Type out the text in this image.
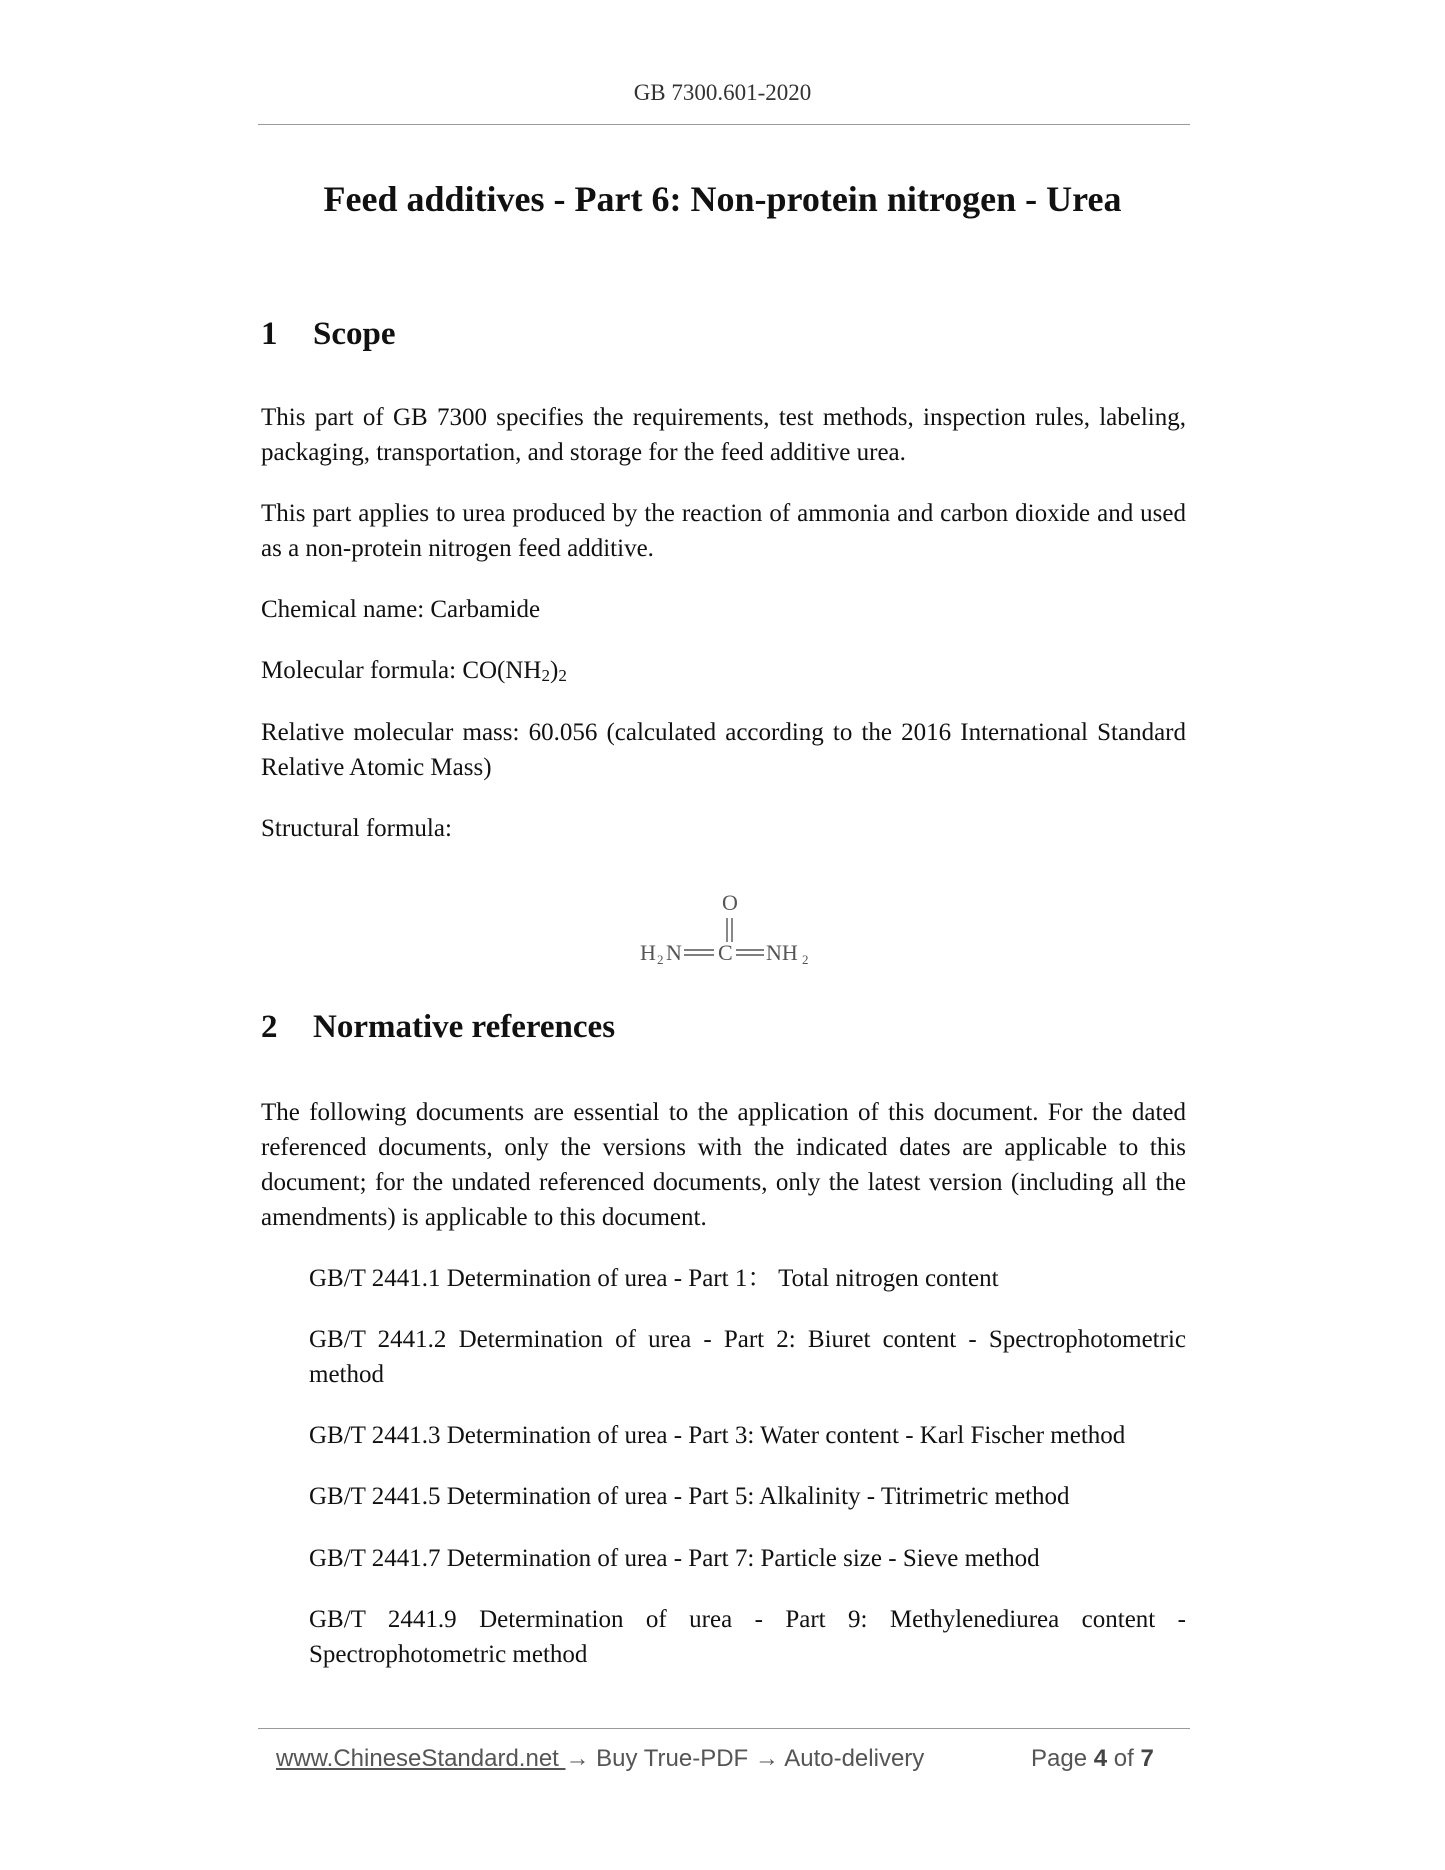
GB 7300.601-2020
Feed additives - Part 6: Non-protein nitrogen - Urea
1 Scope
This part of GB 7300 specifies the requirements, test methods, inspection rules, labeling, packaging, transportation, and storage for the feed additive urea.
This part applies to urea produced by the reaction of ammonia and carbon dioxide and used as a non-protein nitrogen feed additive.
Chemical name: Carbamide
Molecular formula: CO(NH2)2
Relative molecular mass: 60.056 (calculated according to the 2016 International Standard Relative Atomic Mass)
Structural formula:
O
H 2 N C NH 2
2 Normative references
The following documents are essential to the application of this document. For the dated referenced documents, only the versions with the indicated dates are applicable to this document; for the undated referenced documents, only the latest version (including all the amendments) is applicable to this document.
GB/T 2441.1 Determination of urea - Part 1： Total nitrogen content
GB/T 2441.2 Determination of urea - Part 2: Biuret content - Spectrophotometric method
GB/T 2441.3 Determination of urea - Part 3: Water content - Karl Fischer method
GB/T 2441.5 Determination of urea - Part 5: Alkalinity - Titrimetric method
GB/T 2441.7 Determination of urea - Part 7: Particle size - Sieve method
GB/T 2441.9 Determination of urea - Part 9: Methylenediurea content - Spectrophotometric method
www.ChineseStandard.net → Buy True-PDF → Auto-delivery	Page 4 of 7
